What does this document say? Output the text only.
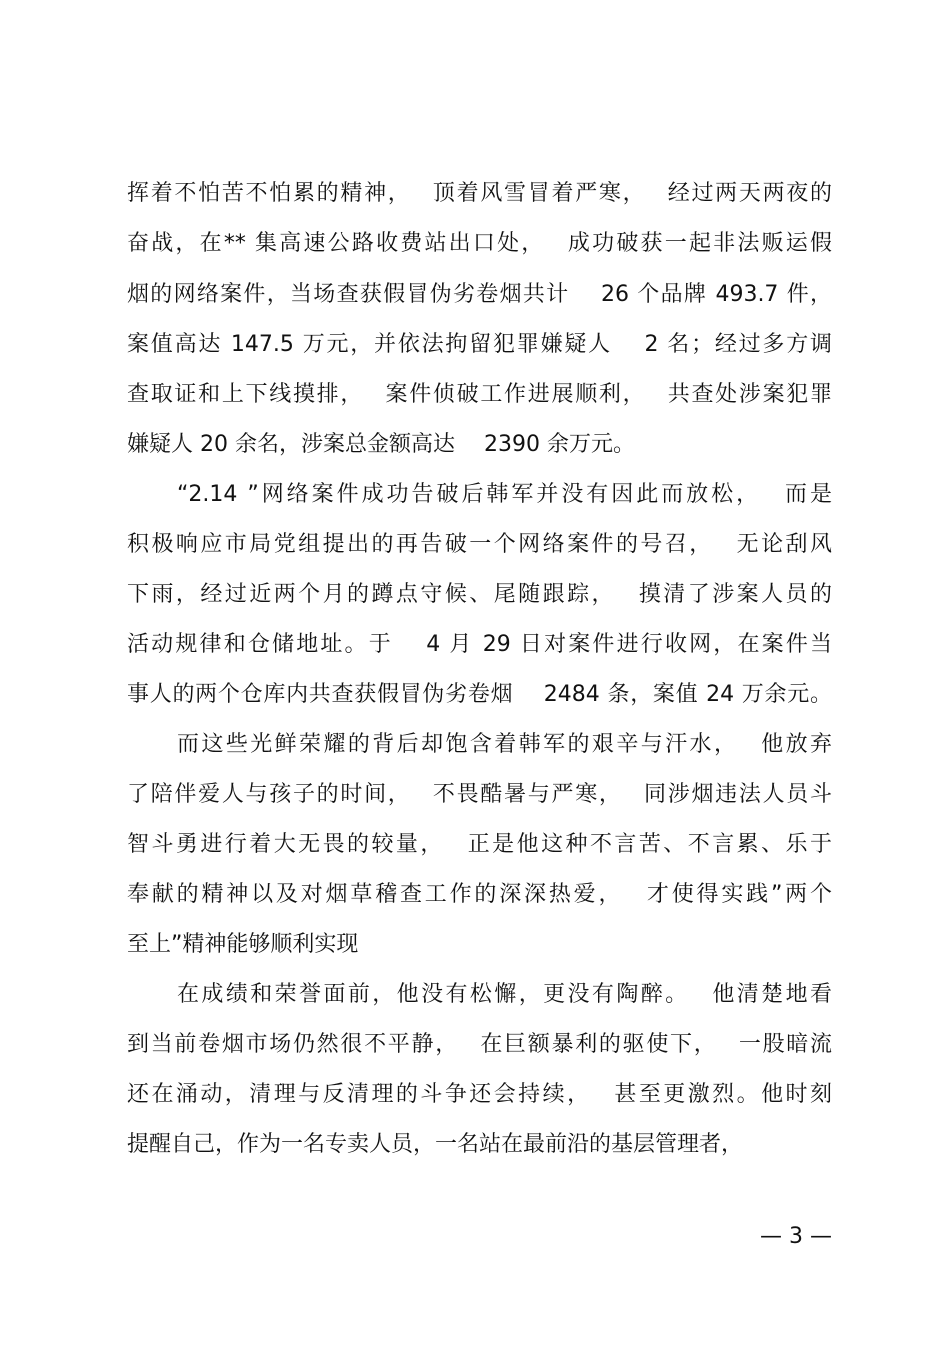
挥着不怕苦不怕累的精神，　 顶着风雪冒着严寒，　 经过两天两夜的
奋战，在** 集高速公路收费站出口处，　 成功破获一起非法贩运假
烟的网络案件，当场查获假冒伪劣卷烟共计　 26 个品牌 493.7 件，
案值高达 147.5 万元，并依法拘留犯罪嫌疑人　 2 名；经过多方调
查取证和上下线摸排，　 案件侦破工作进展顺利，　 共查处涉案犯罪
嫌疑人 20 余名，涉案总金额高达　 2390 余万元。
“2.14 ”网络案件成功告破后韩军并没有因此而放松，　 而是
积极响应市局党组提出的再告破一个网络案件的号召，　 无论刮风
下雨，经过近两个月的蹲点守候、尾随跟踪，　 摸清了涉案人员的
活动规律和仓储地址。于　 4 月 29 日对案件进行收网，在案件当
事人的两个仓库内共查获假冒伪劣卷烟　 2484 条，案值 24 万余元。
而这些光鲜荣耀的背后却饱含着韩军的艰辛与汗水，　 他放弃
了陪伴爱人与孩子的时间，　 不畏酷暑与严寒，　 同涉烟违法人员斗
智斗勇进行着大无畏的较量，　 正是他这种不言苦、不言累、乐于
奉献的精神以及对烟草稽查工作的深深热爱，　 才使得实践”两个
至上”精神能够顺利实现
在成绩和荣誉面前，他没有松懈，更没有陶醉。　 他清楚地看
到当前卷烟市场仍然很不平静，　 在巨额暴利的驱使下，　 一股暗流
还在涌动，清理与反清理的斗争还会持续，　 甚至更激烈。他时刻
提醒自己，作为一名专卖人员，一名站在最前沿的基层管理者，
— 3 —
